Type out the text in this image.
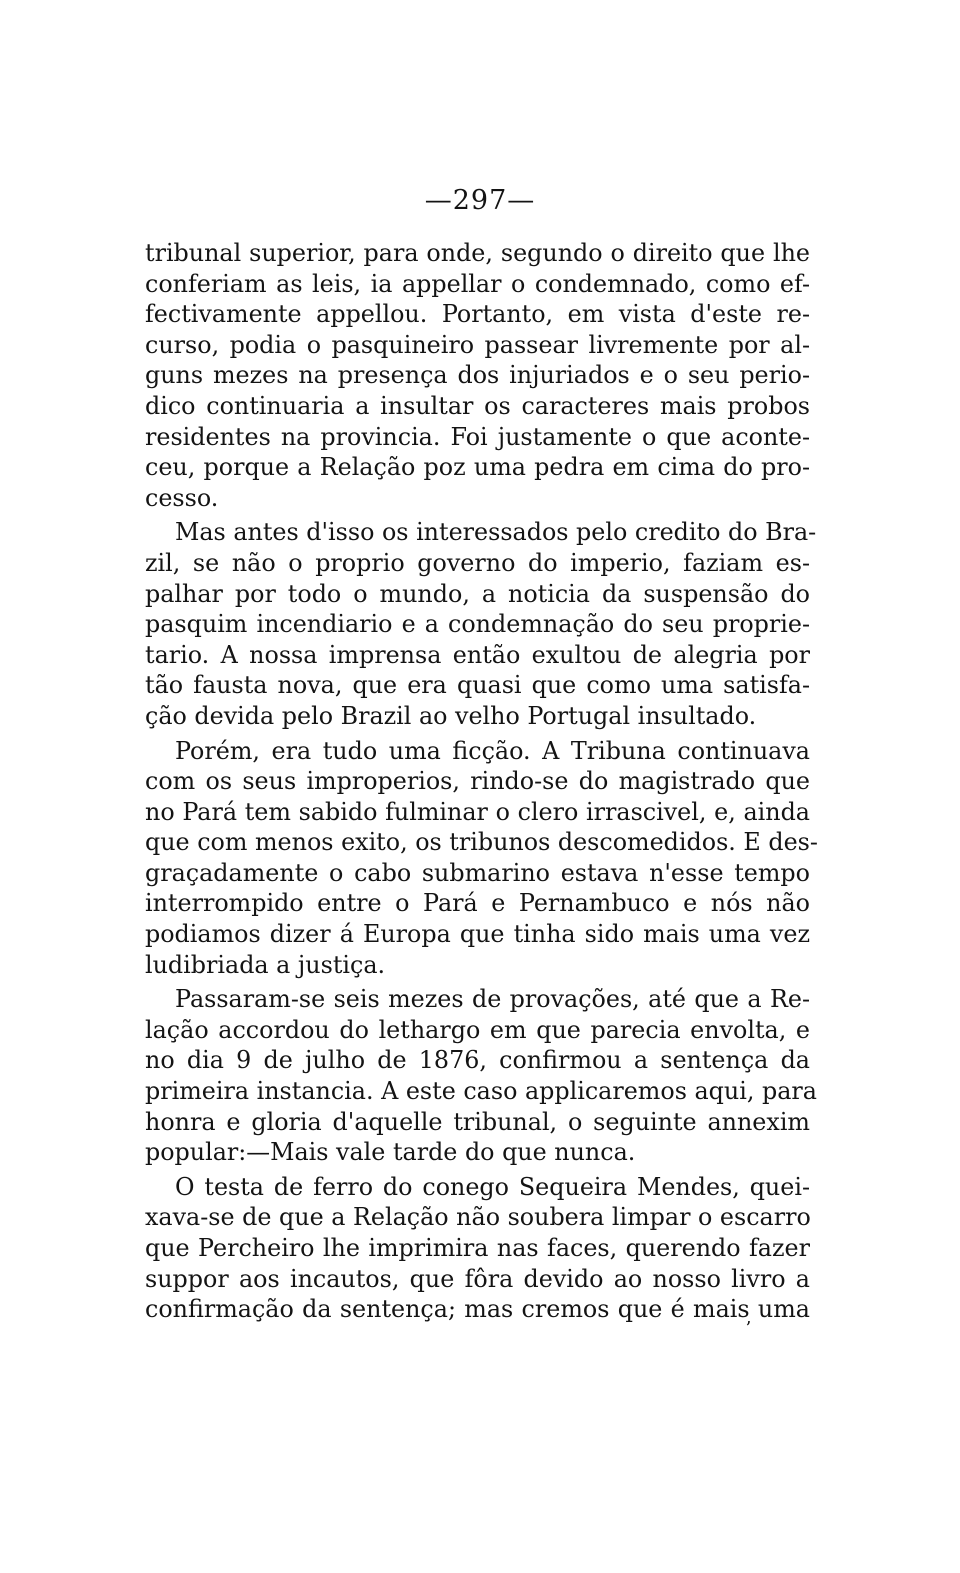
—297—
tribunal superior, para onde, segundo o direito que lhe
conferiam as leis, ia appellar o condemnado, como ef-
fectivamente appellou. Portanto, em vista d'este re-
curso, podia o pasquineiro passear livremente por al-
guns mezes na presença dos injuriados e o seu perio-
dico continuaria a insultar os caracteres mais probos
residentes na provincia. Foi justamente o que aconte-
ceu, porque a Relação poz uma pedra em cima do pro-
cesso.
Mas antes d'isso os interessados pelo credito do Bra-
zil, se não o proprio governo do imperio, faziam es-
palhar por todo o mundo, a noticia da suspensão do
pasquim incendiario e a condemnação do seu proprie-
tario. A nossa imprensa então exultou de alegria por
tão fausta nova, que era quasi que como uma satisfa-
ção devida pelo Brazil ao velho Portugal insultado.
Porém, era tudo uma ficção. A Tribuna continuava
com os seus improperios, rindo-se do magistrado que
no Pará tem sabido fulminar o clero irrascivel, e, ainda
que com menos exito, os tribunos descomedidos. E des-
graçadamente o cabo submarino estava n'esse tempo
interrompido entre o Pará e Pernambuco e nós não
podiamos dizer á Europa que tinha sido mais uma vez
ludibriada a justiça.
Passaram-se seis mezes de provações, até que a Re-
lação accordou do lethargo em que parecia envolta, e
no dia 9 de julho de 1876, confirmou a sentença da
primeira instancia. A este caso applicaremos aqui, para
honra e gloria d'aquelle tribunal, o seguinte annexim
popular:—Mais vale tarde do que nunca.
O testa de ferro do conego Sequeira Mendes, quei-
xava-se de que a Relação não soubera limpar o escarro
que Percheiro lhe imprimira nas faces, querendo fazer
suppor aos incautos, que fôra devido ao nosso livro a
confirmação da sentença; mas cremos que é mais uma
ʼ
